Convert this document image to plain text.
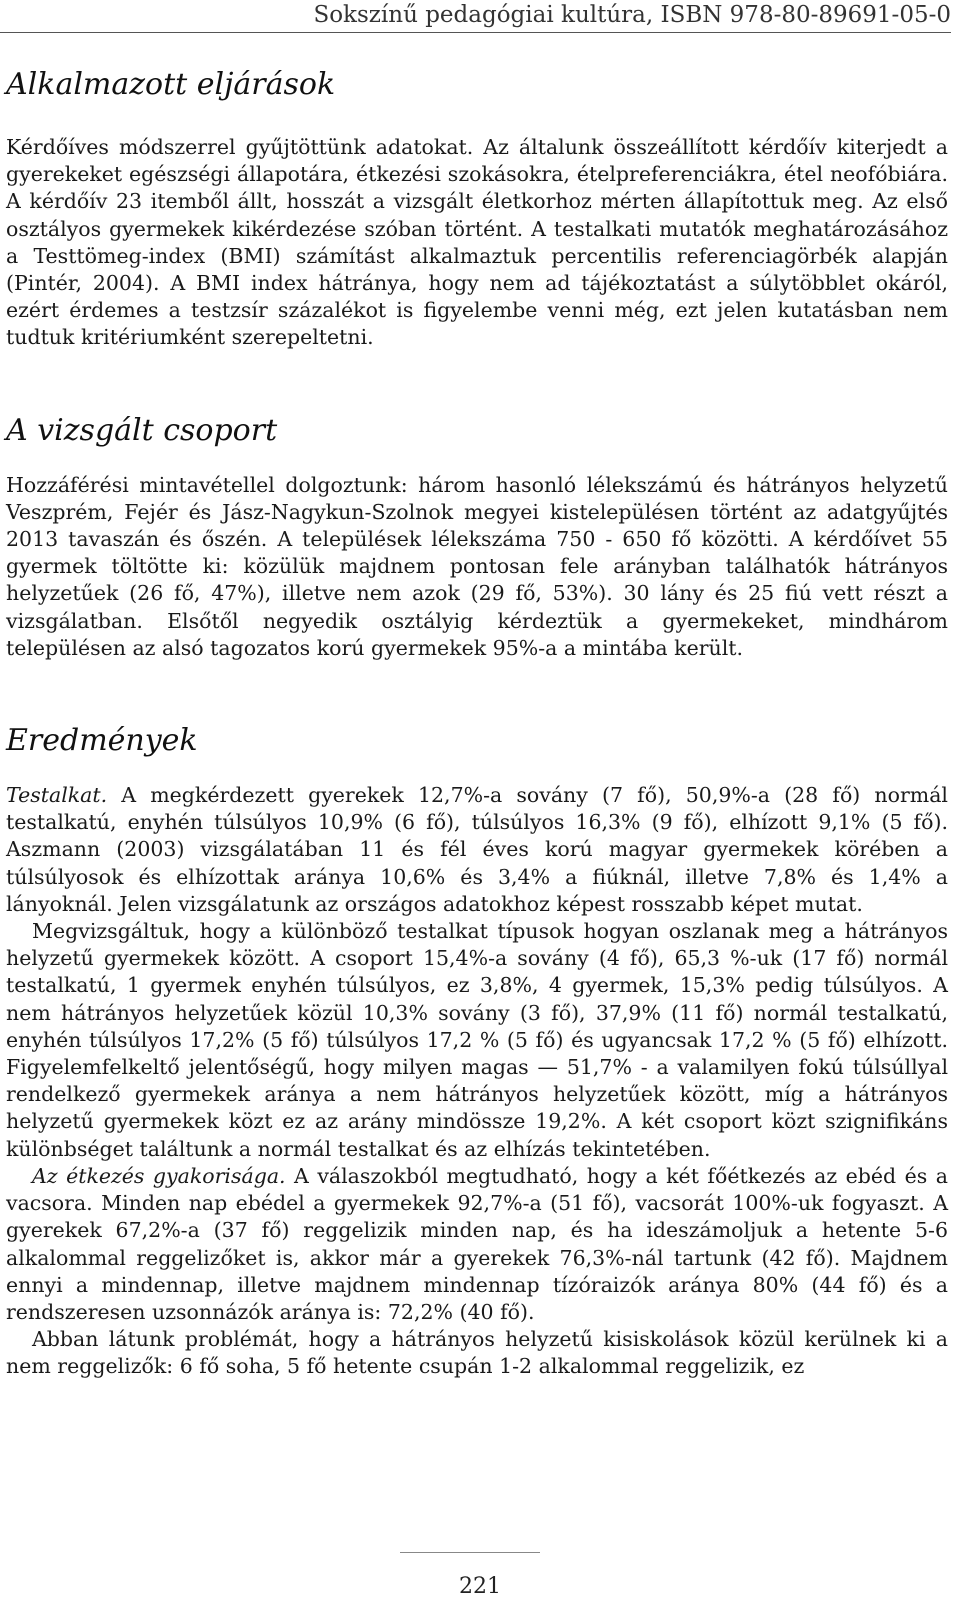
Sokszínű pedagógiai kultúra, ISBN 978-80-89691-05-0
Alkalmazott eljárások

Kérdőíves módszerrel gyűjtöttünk adatokat. Az általunk összeállított kérdőív kiterjedt a gyerekeket egészségi állapotára, étkezési szokásokra, ételpreferenciákra, étel neofóbiára. A kérdőív 23 itemből állt, hosszát a vizsgált életkorhoz mérten állapítottuk meg. Az első osztályos gyermekek kikérdezése szóban történt. A testalkati mutatók meghatározásához a Testtömeg-index (BMI) számítást alkalmaztuk percentilis referenciagörbék alapján (Pintér, 2004). A BMI index hátránya, hogy nem ad tájékoztatást a súlytöbblet okáról, ezért érdemes a testzsír százalékot is figyelembe venni még, ezt jelen kutatásban nem tudtuk kritériumként szerepeltetni.

A vizsgált csoport

Hozzáférési mintavétellel dolgoztunk: három hasonló lélekszámú és hátrányos helyzetű Veszprém, Fejér és Jász-Nagykun-Szolnok megyei kistelepülésen történt az adatgyűjtés 2013 tavaszán és őszén. A települések lélekszáma 750 - 650 fő közötti. A kérdőívet 55 gyermek töltötte ki: közülük majdnem pontosan fele arányban találhatók hátrányos helyzetűek (26 fő, 47%), illetve nem azok (29 fő, 53%). 30 lány és 25 fiú vett részt a vizsgálatban. Elsőtől negyedik osztályig kérdeztük a gyermekeket, mindhárom településen az alsó tagozatos korú gyermekek 95%-a a mintába került.

Eredmények

Testalkat. A megkérdezett gyerekek 12,7%-a sovány (7 fő), 50,9%-a (28 fő) normál testalkatú, enyhén túlsúlyos 10,9% (6 fő), túlsúlyos 16,3% (9 fő), elhízott 9,1% (5 fő). Aszmann (2003) vizsgálatában 11 és fél éves korú magyar gyermekek körében a túlsúlyosok és elhízottak aránya 10,6% és 3,4% a fiúknál, illetve 7,8% és 1,4% a lányoknál. Jelen vizsgálatunk az országos adatokhoz képest rosszabb képet mutat.

Megvizsgáltuk, hogy a különböző testalkat típusok hogyan oszlanak meg a hátrányos helyzetű gyermekek között. A csoport 15,4%-a sovány (4 fő), 65,3 %-uk (17 fő) normál testalkatú, 1 gyermek enyhén túlsúlyos, ez 3,8%, 4 gyermek, 15,3% pedig túlsúlyos. A nem hátrányos helyzetűek közül 10,3% sovány (3 fő), 37,9% (11 fő) normál testalkatú, enyhén túlsúlyos 17,2% (5 fő) túlsúlyos 17,2 % (5 fő) és ugyancsak 17,2 % (5 fő) elhízott. Figyelemfelkeltő jelentőségű, hogy milyen magas — 51,7% - a valamilyen fokú túlsúllyal rendelkező gyermekek aránya a nem hátrányos helyzetűek között, míg a hátrányos helyzetű gyermekek közt ez az arány mindössze 19,2%. A két csoport közt szignifikáns különbséget találtunk a normál testalkat és az elhízás tekintetében.

Az étkezés gyakorisága. A válaszokból megtudható, hogy a két főétkezés az ebéd és a vacsora. Minden nap ebédel a gyermekek 92,7%-a (51 fő), vacsorát 100%-uk fogyaszt. A gyerekek 67,2%-a (37 fő) reggelizik minden nap, és ha ideszámoljuk a hetente 5-6 alkalommal reggelizőket is, akkor már a gyerekek 76,3%-nál tartunk (42 fő). Majdnem ennyi a mindennap, illetve majdnem mindennap tízóraizók aránya 80% (44 fő) és a rendszeresen uzsonnázók aránya is: 72,2% (40 fő).

Abban látunk problémát, hogy a hátrányos helyzetű kisiskolások közül kerülnek ki a nem reggelizők: 6 fő soha, 5 fő hetente csupán 1-2 alkalommal reggelizik, ez

221
